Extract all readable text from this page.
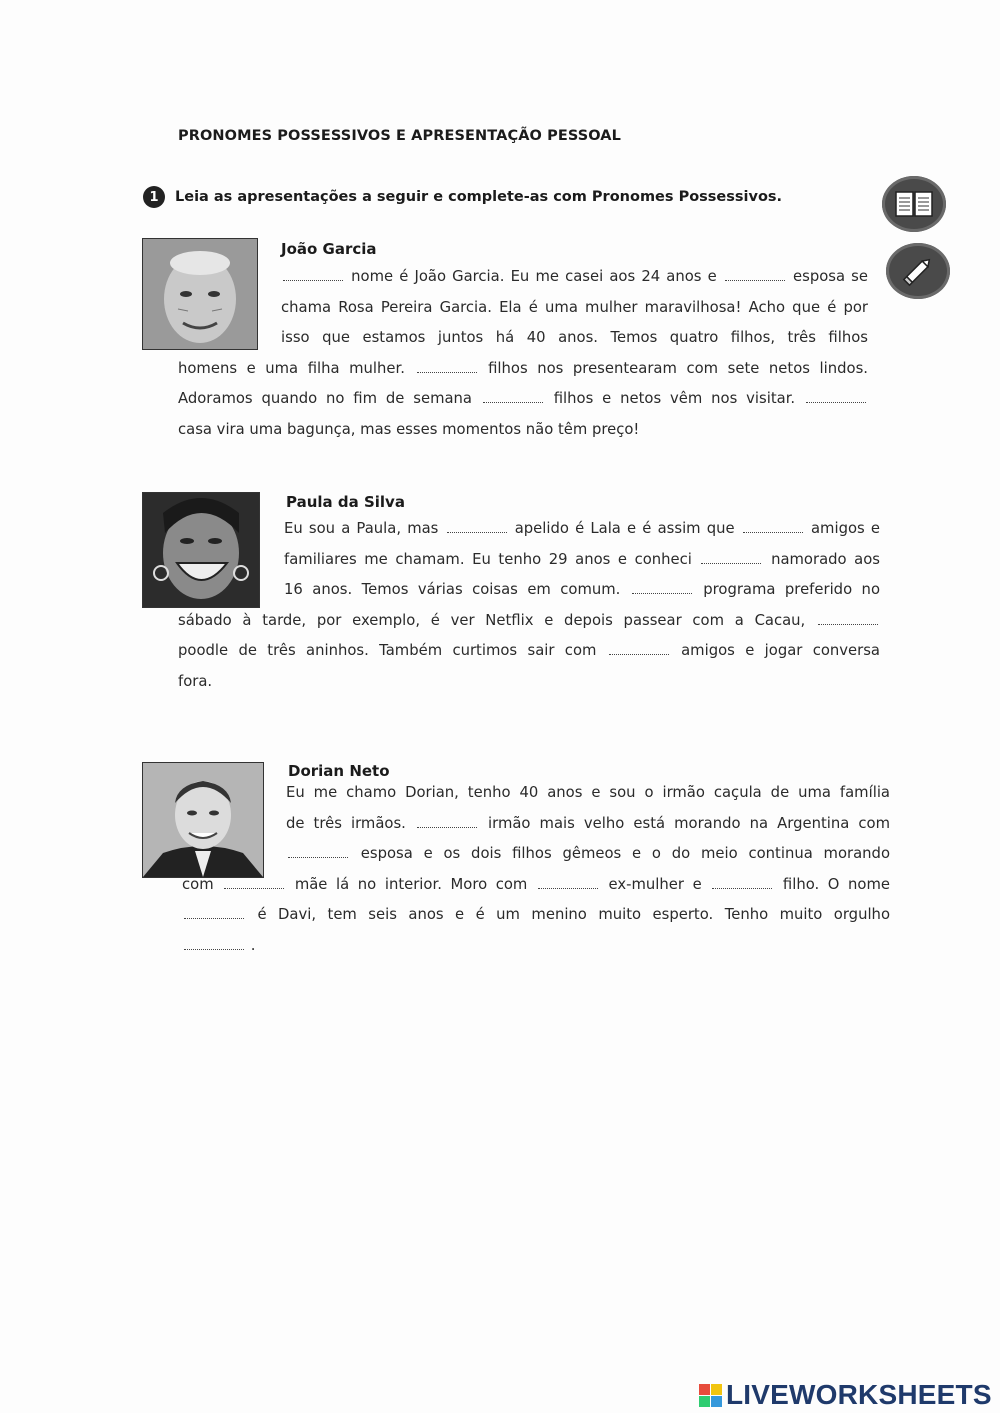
PRONOMES POSSESSIVOS E APRESENTAÇÃO PESSOAL
1	Leia as apresentações a seguir e complete-as com Pronomes Possessivos.
João Garcia
nome é João Garcia. Eu me casei aos 24 anos e	esposa se
chama Rosa Pereira Garcia. Ela é uma mulher maravilhosa! Acho que é por
isso que estamos juntos há 40 anos. Temos quatro filhos, três filhos
homens e uma filha mulher.	filhos nos presentearam com sete netos lindos.
Adoramos quando no fim de semana	filhos e netos vêm nos visitar.
casa vira uma bagunça, mas esses momentos não têm preço!
Paula da Silva
Eu sou a Paula, mas	apelido é Lala e é assim que	amigos e
familiares me chamam. Eu tenho 29 anos e conheci	namorado aos
16 anos. Temos várias coisas em comum.	programa preferido no
sábado à tarde, por exemplo, é ver Netflix e depois passear com a Cacau,
poodle de três aninhos. Também curtimos sair com	amigos e jogar conversa
fora.
Dorian Neto
Eu me chamo Dorian, tenho 40 anos e sou o irmão caçula de uma família
de três irmãos.	irmão mais velho está morando na Argentina com
esposa e os dois filhos gêmeos e o do meio continua morando
com	mãe lá no interior. Moro com	ex-mulher e	filho. O nome
é Davi, tem seis anos e é um menino muito esperto. Tenho muito orgulho
.
LIVEWORKSHEETS
